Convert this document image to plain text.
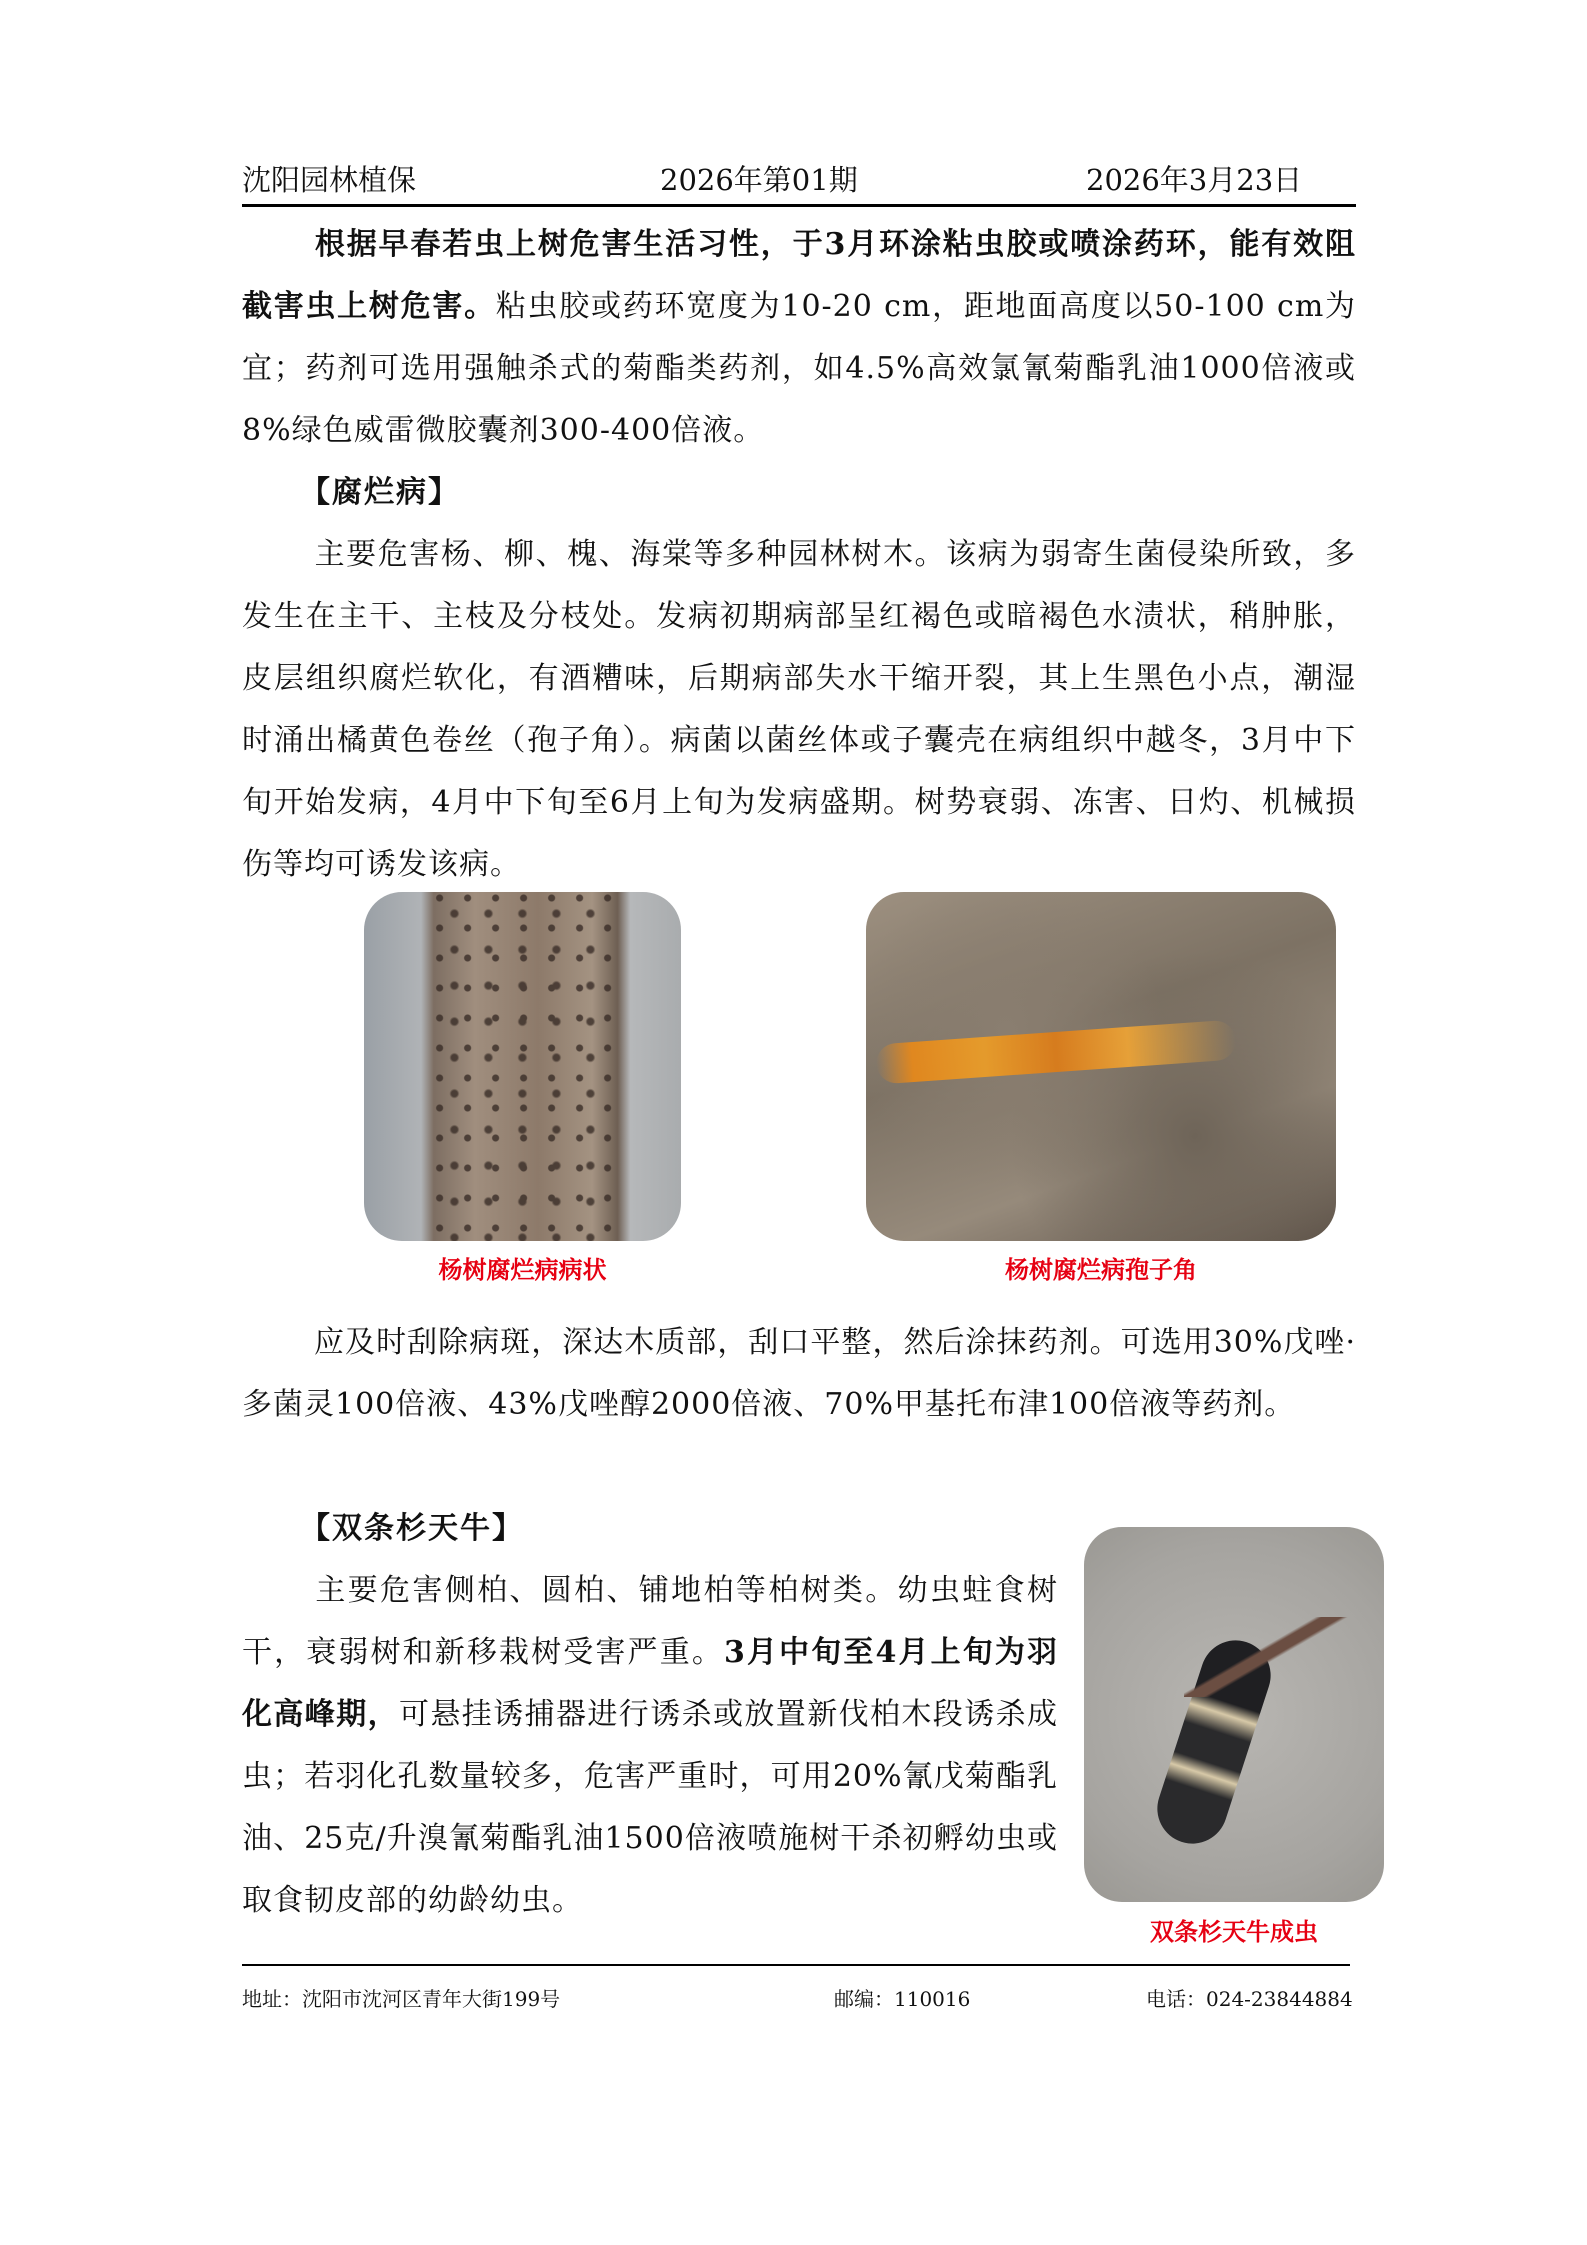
沈阳园林植保	2026年第01期	2026年3月23日
根据早春若虫上树危害生活习性，于3月环涂粘虫胶或喷涂药环，能有效阻截害虫上树危害。粘虫胶或药环宽度为10-20 cm，距地面高度以50-100 cm为宜；药剂可选用强触杀式的菊酯类药剂，如4.5%高效氯氰菊酯乳油1000倍液或8%绿色威雷微胶囊剂300-400倍液。
【腐烂病】
主要危害杨、柳、槐、海棠等多种园林树木。该病为弱寄生菌侵染所致，多发生在主干、主枝及分枝处。发病初期病部呈红褐色或暗褐色水渍状，稍肿胀，皮层组织腐烂软化，有酒糟味，后期病部失水干缩开裂，其上生黑色小点，潮湿时涌出橘黄色卷丝（孢子角）。病菌以菌丝体或子囊壳在病组织中越冬，3月中下旬开始发病，4月中下旬至6月上旬为发病盛期。树势衰弱、冻害、日灼、机械损伤等均可诱发该病。
杨树腐烂病病状	杨树腐烂病孢子角
应及时刮除病斑，深达木质部，刮口平整，然后涂抹药剂。可选用30%戊唑·多菌灵100倍液、43%戊唑醇2000倍液、70%甲基托布津100倍液等药剂。
【双条杉天牛】
主要危害侧柏、圆柏、铺地柏等柏树类。幼虫蛀食树干，衰弱树和新移栽树受害严重。3月中旬至4月上旬为羽化高峰期，可悬挂诱捕器进行诱杀或放置新伐柏木段诱杀成虫；若羽化孔数量较多，危害严重时，可用20%氰戊菊酯乳油、25克/升溴氰菊酯乳油1500倍液喷施树干杀初孵幼虫或取食韧皮部的幼龄幼虫。
双条杉天牛成虫
地址：沈阳市沈河区青年大街199号	邮编：110016	电话：024-23844884
